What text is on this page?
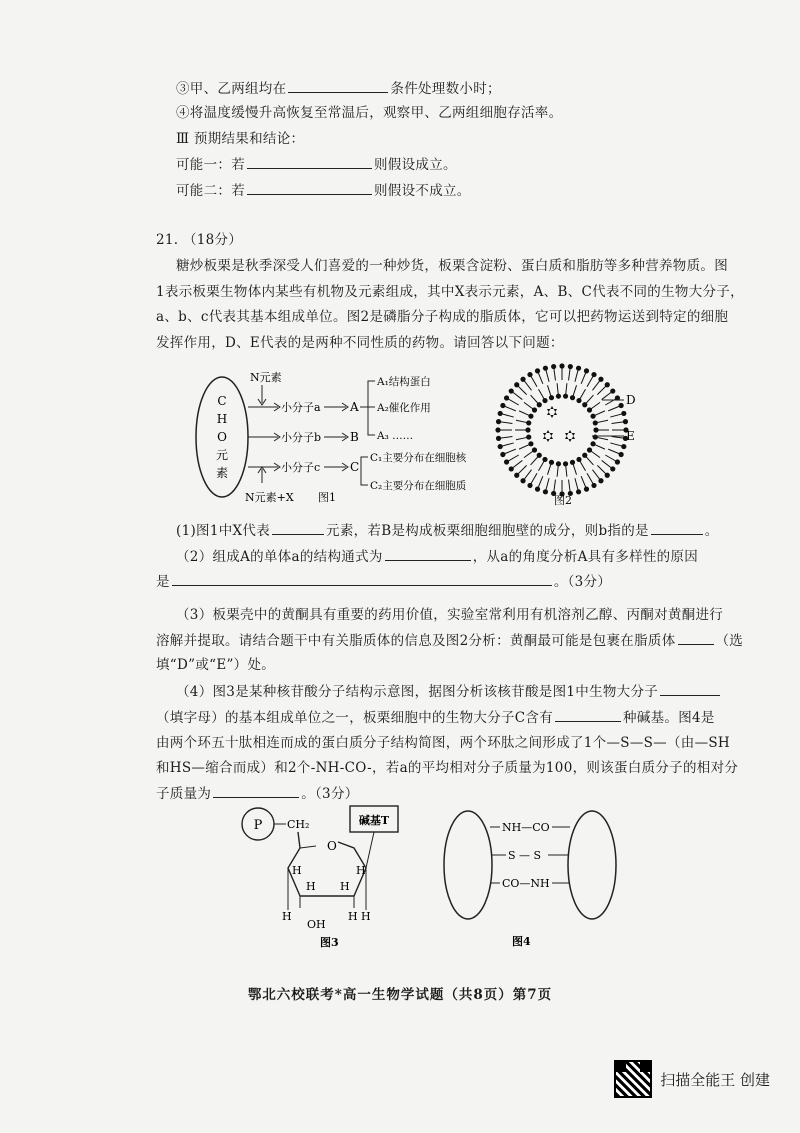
③甲、乙两组均在	条件处理数小时；
④将温度缓慢升高恢复至常温后，观察甲、乙两组细胞存活率。
Ⅲ 预期结果和结论：
可能一：若	则假设成立。
可能二：若	则假设不成立。
21. （18分）
糖炒板栗是秋季深受人们喜爱的一种炒货，板栗含淀粉、蛋白质和脂肪等多种营养物质。图
1表示板栗生物体内某些有机物及元素组成，其中X表示元素，A、B、C代表不同的生物大分子，
a、b、c代表其基本组成单位。图2是磷脂分子构成的脂质体，它可以把药物运送到特定的细胞
发挥作用，D、E代表的是两种不同性质的药物。请回答以下问题：
C
H
O
元
素
N元素
小分子a A
A₁结构蛋白
A₂催化作用
A₃ ……
小分子b B
小分子c C
C₁主要分布在细胞核
C₂主要分布在细胞质
N元素+X 图1
D
E
图2
(1)图1中X代表	元素，若B是构成板栗细胞细胞壁的成分，则b指的是	。
（2）组成A的单体a的结构通式为	，从a的角度分析A具有多样性的原因
是	。（3分）
（3）板栗壳中的黄酮具有重要的药用价值，实验室常利用有机溶剂乙醇、丙酮对黄酮进行
溶解并提取。请结合题干中有关脂质体的信息及图2分析：黄酮最可能是包裹在脂质体	（选
填“D”或“E”）处。
（4）图3是某种核苷酸分子结构示意图，据图分析该核苷酸是图1中生物大分子
（填字母）的基本组成单位之一，板栗细胞中的生物大分子C含有	种碱基。图4是
由两个环五十肽相连而成的蛋白质分子结构简图，两个环肽之间形成了1个—S—S—（由—SH
和HS—缩合而成）和2个-NH-CO-，若a的平均相对分子质量为100，则该蛋白质分子的相对分
子质量为	。（3分）
P CH₂	碱基T
O
H	H
H H
H	H
OH
H
图3
NH—CO
S — S
CO—NH
图4
鄂北六校联考*高一生物学试题（共8页）第7页
扫描全能王 创建
